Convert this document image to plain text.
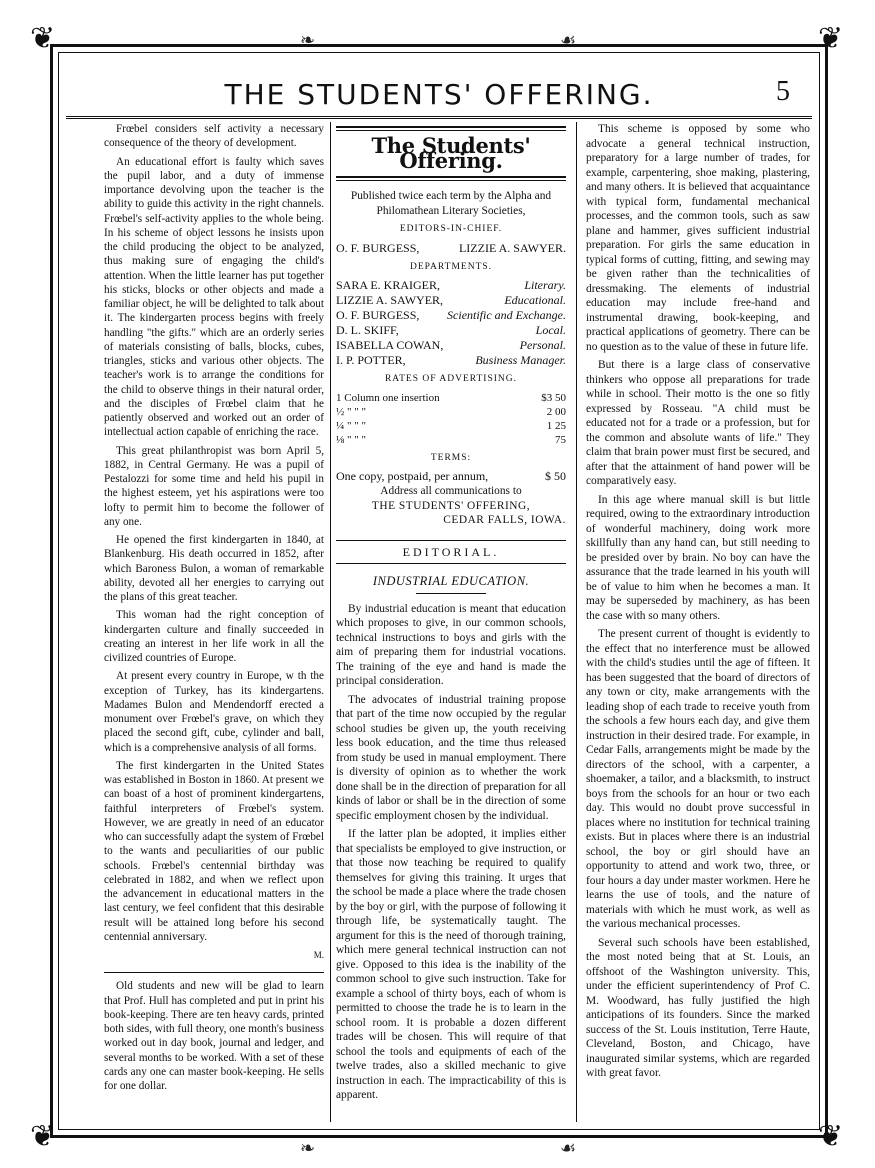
❦	❦
❦	❦
❧	☙
❧	☙
THE STUDENTS' OFFERING.	5

Frœbel considers self activity a necessary consequence of the theory of development.

An educational effort is faulty which saves the pupil labor, and a duty of immense importance devolving upon the teacher is the ability to guide this activity in the right channels. Frœbel's self-activity applies to the whole being. In his scheme of object lessons he insists upon the child producing the object to be analyzed, thus making sure of engaging the child's attention. When the little learner has put together his sticks, blocks or other objects and made a familiar object, he will be delighted to talk about it. The kindergarten process begins with freely handling "the gifts." which are an orderly series of materials consisting of balls, blocks, cubes, triangles, sticks and various other objects. The teacher's work is to arrange the conditions for the child to observe things in their natural order, and the disciples of Frœbel claim that he patiently observed and worked out an order of intellectual action capable of enriching the race.

This great philanthropist was born April 5, 1882, in Central Germany. He was a pupil of Pestalozzi for some time and held his pupil in the highest esteem, yet his aspirations were too lofty to permit him to become the follower of any one.

He opened the first kindergarten in 1840, at Blankenburg. His death occurred in 1852, after which Baroness Bulon, a woman of remarkable ability, devoted all her energies to carrying out the plans of this great teacher.

This woman had the right conception of kindergarten culture and finally succeeded in creating an interest in her life work in all the civilized countries of Europe.

At present every country in Europe, w th the exception of Turkey, has its kindergartens. Madames Bulon and Mendendorff erected a monument over Frœbel's grave, on which they placed the second gift, cube, cylinder and ball, which is a comprehensive analysis of all forms.

The first kindergarten in the United States was established in Boston in 1860. At present we can boast of a host of prominent kindergartens, faithful interpreters of Frœbel's system. However, we are greatly in need of an educator who can successfully adapt the system of Frœbel to the wants and peculiarities of our public schools. Frœbel's centennial birthday was celebrated in 1882, and when we reflect upon the advancement in educational matters in the last century, we feel confident that this desirable result will be attained long before his second centennial anniversary.

M.

Old students and new will be glad to learn that Prof. Hull has completed and put in print his book-keeping. There are ten heavy cards, printed both sides, with full theory, one month's business worked out in day book, journal and ledger, and several months to be worked. With a set of these cards any one can master book-keeping. He sells for one dollar.

The Students' Offering.
Published twice each term by the Alpha and Philomathean Literary Societies,
EDITORS-IN-CHIEF.
O. F. BURGESS,	LIZZIE A. SAWYER.
DEPARTMENTS.
SARA E. KRAIGER,	Literary.
LIZZIE A. SAWYER,	Educational.
O. F. BURGESS, Scientific and Exchange.
D. L. SKIFF,	Local.
ISABELLA COWAN,	Personal.
I. P. POTTER,	Business Manager.
RATES OF ADVERTISING.
1 Column one insertion	$3 50
½ " " "	2 00
¼ " " "	1 25
⅛ " " "	75
TERMS:
One copy, postpaid, per annum,	$ 50
Address all communications to
THE STUDENTS' OFFERING,
CEDAR FALLS, IOWA.
EDITORIAL.
INDUSTRIAL EDUCATION.

By industrial education is meant that education which proposes to give, in our common schools, technical instructions to boys and girls with the aim of preparing them for industrial vocations. The training of the eye and hand is made the principal consideration.

The advocates of industrial training propose that part of the time now occupied by the regular school studies be given up, the youth receiving less book education, and the time thus released from study be used in manual employment. There is diversity of opinion as to whether the work done shall be in the direction of preparation for all kinds of labor or shall be in the direction of some specific employment chosen by the individual.

If the latter plan be adopted, it implies either that specialists be employed to give instruction, or that those now teaching be required to qualify themselves for giving this training. It urges that the school be made a place where the trade chosen by the boy or girl, with the purpose of following it through life, be systematically taught. The argument for this is the need of thorough training, which mere general technical instruction can not give. Opposed to this idea is the inability of the common school to give such instruction. Take for example a school of thirty boys, each of whom is permitted to choose the trade he is to learn in the school room. It is probable a dozen different trades will be chosen. This will require of that school the tools and equipments of each of the twelve trades, also a skilled mechanic to give instruction in each. The impracticability of this is apparent.

This scheme is opposed by some who advocate a general technical instruction, preparatory for a large number of trades, for example, carpentering, shoe making, plastering, and many others. It is believed that acquaintance with typical form, fundamental mechanical processes, and the common tools, such as saw plane and hammer, gives sufficient industrial preparation. For girls the same education in typical forms of cutting, fitting, and sewing may be given rather than the technicalities of dressmaking. The elements of industrial education may include free-hand and instrumental drawing, book-keeping, and practical applications of geometry. There can be no question as to the value of these in future life.

But there is a large class of conservative thinkers who oppose all preparations for trade while in school. Their motto is the one so fitly expressed by Rosseau. "A child must be educated not for a trade or a profession, but for the common and absolute wants of life." They claim that brain power must first be secured, and after that the attainment of hand power will be comparatively easy.

In this age where manual skill is but little required, owing to the extraordinary introduction of wonderful machinery, doing work more skillfully than any hand can, but still needing to be presided over by brain. No boy can have the assurance that the trade learned in his youth will be of value to him when he becomes a man. It may be superseded by machinery, as has been the case with so many others.

The present current of thought is evidently to the effect that no interference must be allowed with the child's studies until the age of fifteen. It has been suggested that the board of directors of any town or city, make arrangements with the leading shop of each trade to receive youth from the schools a few hours each day, and give them instruction in their desired trade. For example, in Cedar Falls, arrangements might be made by the directors of the school, with a carpenter, a shoemaker, a tailor, and a blacksmith, to instruct boys from the schools for an hour or two each day. This would no doubt prove successful in places where no institution for technical training exists. But in places where there is an industrial school, the boy or girl should have an opportunity to attend and work two, three, or four hours a day under master workmen. Here he learns the use of tools, and the nature of materials with which he must work, as well as the various mechanical processes.

Several such schools have been established, the most noted being that at St. Louis, an offshoot of the Washington university. This, under the efficient superintendency of Prof C. M. Woodward, has fully justified the high anticipations of its founders. Since the marked success of the St. Louis institution, Terre Haute, Cleveland, Boston, and Chicago, have inaugurated similar systems, which are regarded with great favor.
